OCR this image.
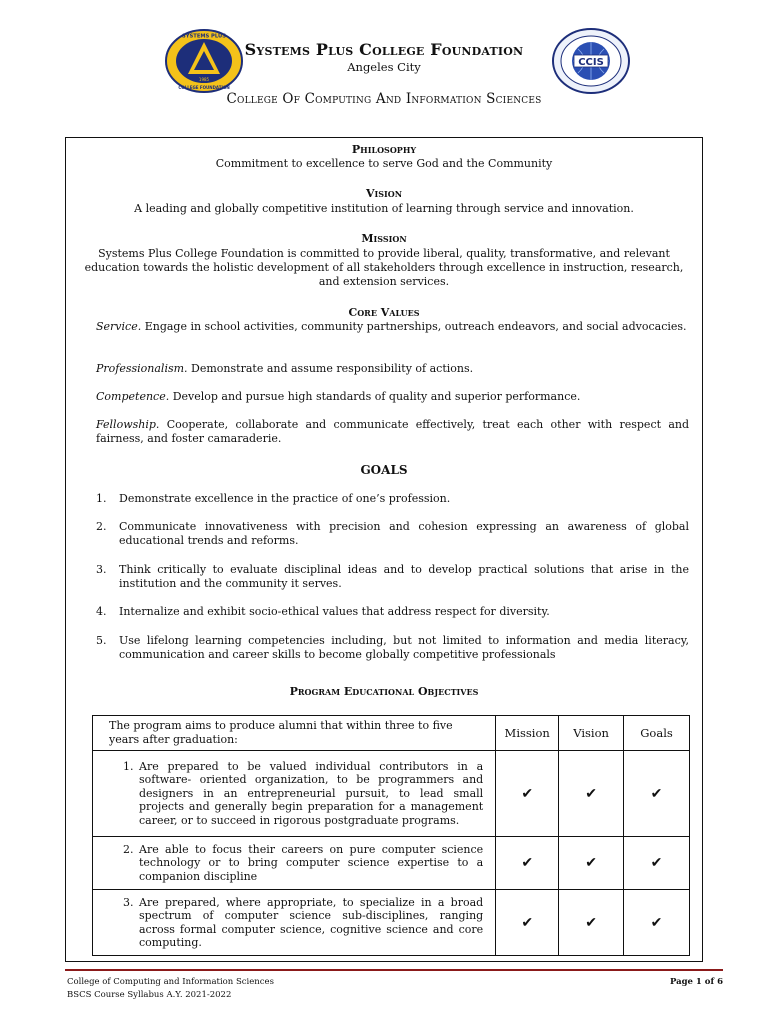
SYSTEMS PLUS
COLLEGE FOUNDATION
1985
Systems Plus College Foundation
Angeles City	CCIS
College Of Computing And Information Sciences
Philosophy
Commitment to excellence to serve God and the Community
Vision
A leading and globally competitive institution of learning through service and innovation.
Mission
Systems Plus College Foundation is committed to provide liberal, quality, transformative, and relevant education towards the holistic development of all stakeholders through excellence in instruction, research, and extension services.
Core Values
Service. Engage in school activities, community partnerships, outreach endeavors, and social advocacies.
Professionalism. Demonstrate and assume responsibility of actions.
Competence. Develop and pursue high standards of quality and superior performance.
Fellowship. Cooperate, collaborate and communicate effectively, treat each other with respect and fairness, and foster camaraderie.
GOALS
1.	Demonstrate excellence in the practice of one’s profession.
2.	Communicate innovativeness with precision and cohesion expressing an awareness of global educational trends and reforms.
3.	Think critically to evaluate disciplinal ideas and to develop practical solutions that arise in the institution and the community it serves.
4.	Internalize and exhibit socio-ethical values that address respect for diversity.
5.	Use lifelong learning competencies including, but not limited to information and media literacy, communication and career skills to become globally competitive professionals
Program Educational Objectives
The program aims to produce alumni that within three to five years after graduation:	Mission	Vision	Goals

1. Are prepared to be valued individual contributors in a software- oriented organization, to be programmers and designers in an entrepreneurial pursuit, to lead small projects and generally begin preparation for a management career, or to succeed in rigorous postgraduate programs.	✔	✔	✔

2. Are able to focus their careers on pure computer science technology or to bring computer science expertise to a companion discipline	✔	✔	✔

3. Are prepared, where appropriate, to specialize in a broad spectrum of computer science sub-disciplines, ranging across formal computer science, cognitive science and core computing.	✔	✔	✔
College of Computing and Information Sciences
BSCS Course Syllabus A.Y. 2021-2022
Page 1 of 6
